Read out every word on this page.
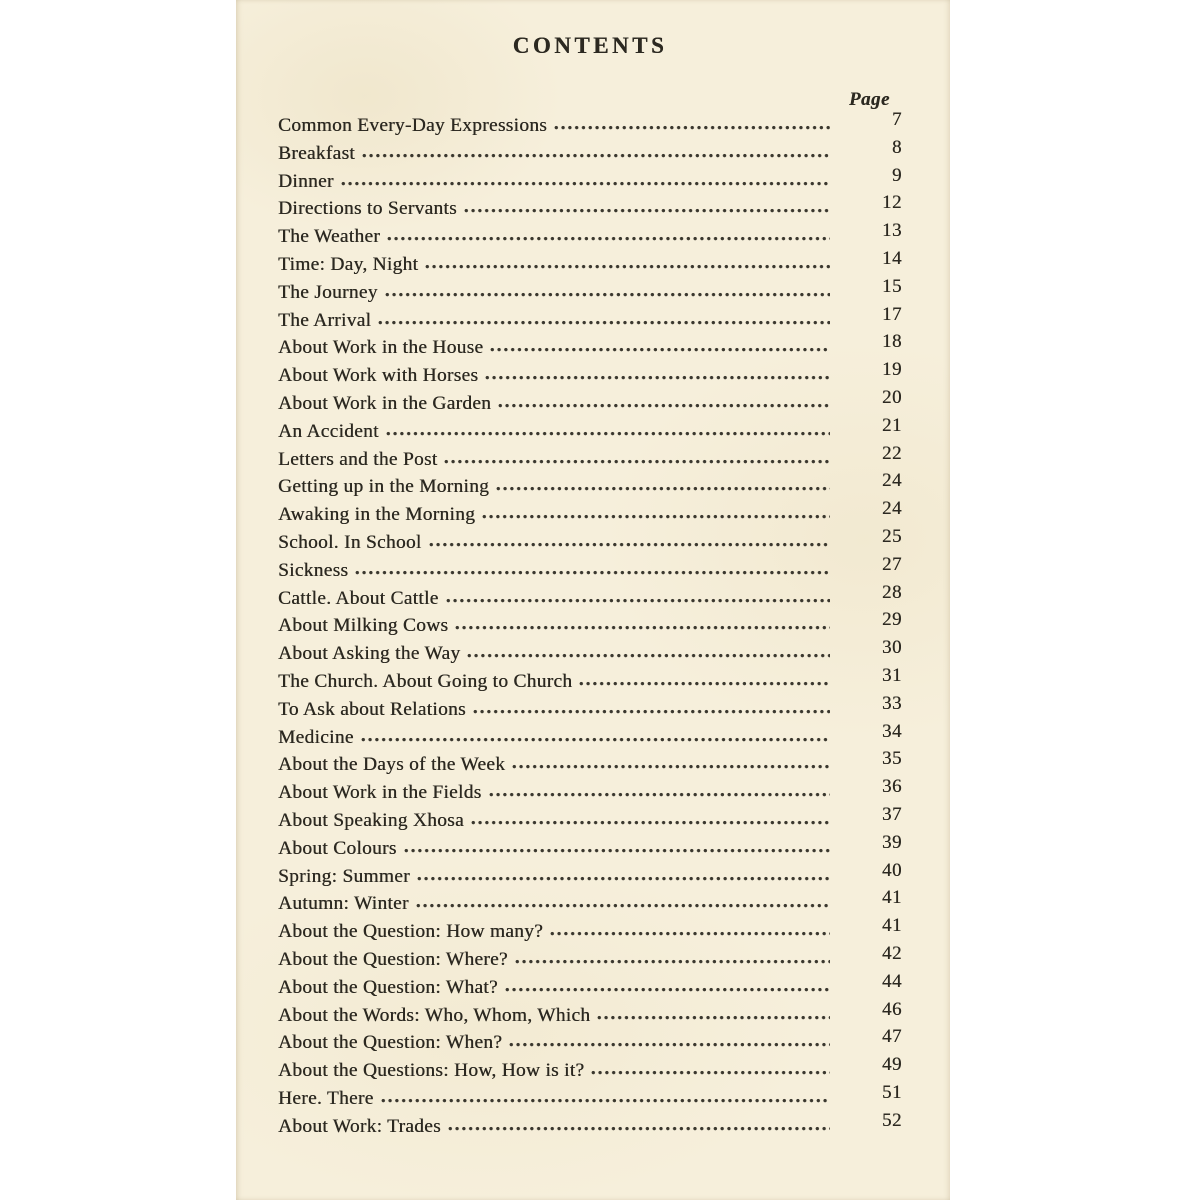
CONTENTS
Page
Common Every-Day Expressions	7
Breakfast	8
Dinner	9
Directions to Servants	12
The Weather	13
Time: Day, Night	14
The Journey	15
The Arrival	17
About Work in the House	18
About Work with Horses	19
About Work in the Garden	20
An Accident	21
Letters and the Post	22
Getting up in the Morning	24
Awaking in the Morning	24
School. In School	25
Sickness	27
Cattle. About Cattle	28
About Milking Cows	29
About Asking the Way	30
The Church. About Going to Church	31
To Ask about Relations	33
Medicine	34
About the Days of the Week	35
About Work in the Fields	36
About Speaking Xhosa	37
About Colours	39
Spring: Summer	40
Autumn: Winter	41
About the Question: How many?	41
About the Question: Where?	42
About the Question: What?	44
About the Words: Who, Whom, Which	46
About the Question: When?	47
About the Questions: How, How is it?	49
Here. There	51
About Work: Trades	52
